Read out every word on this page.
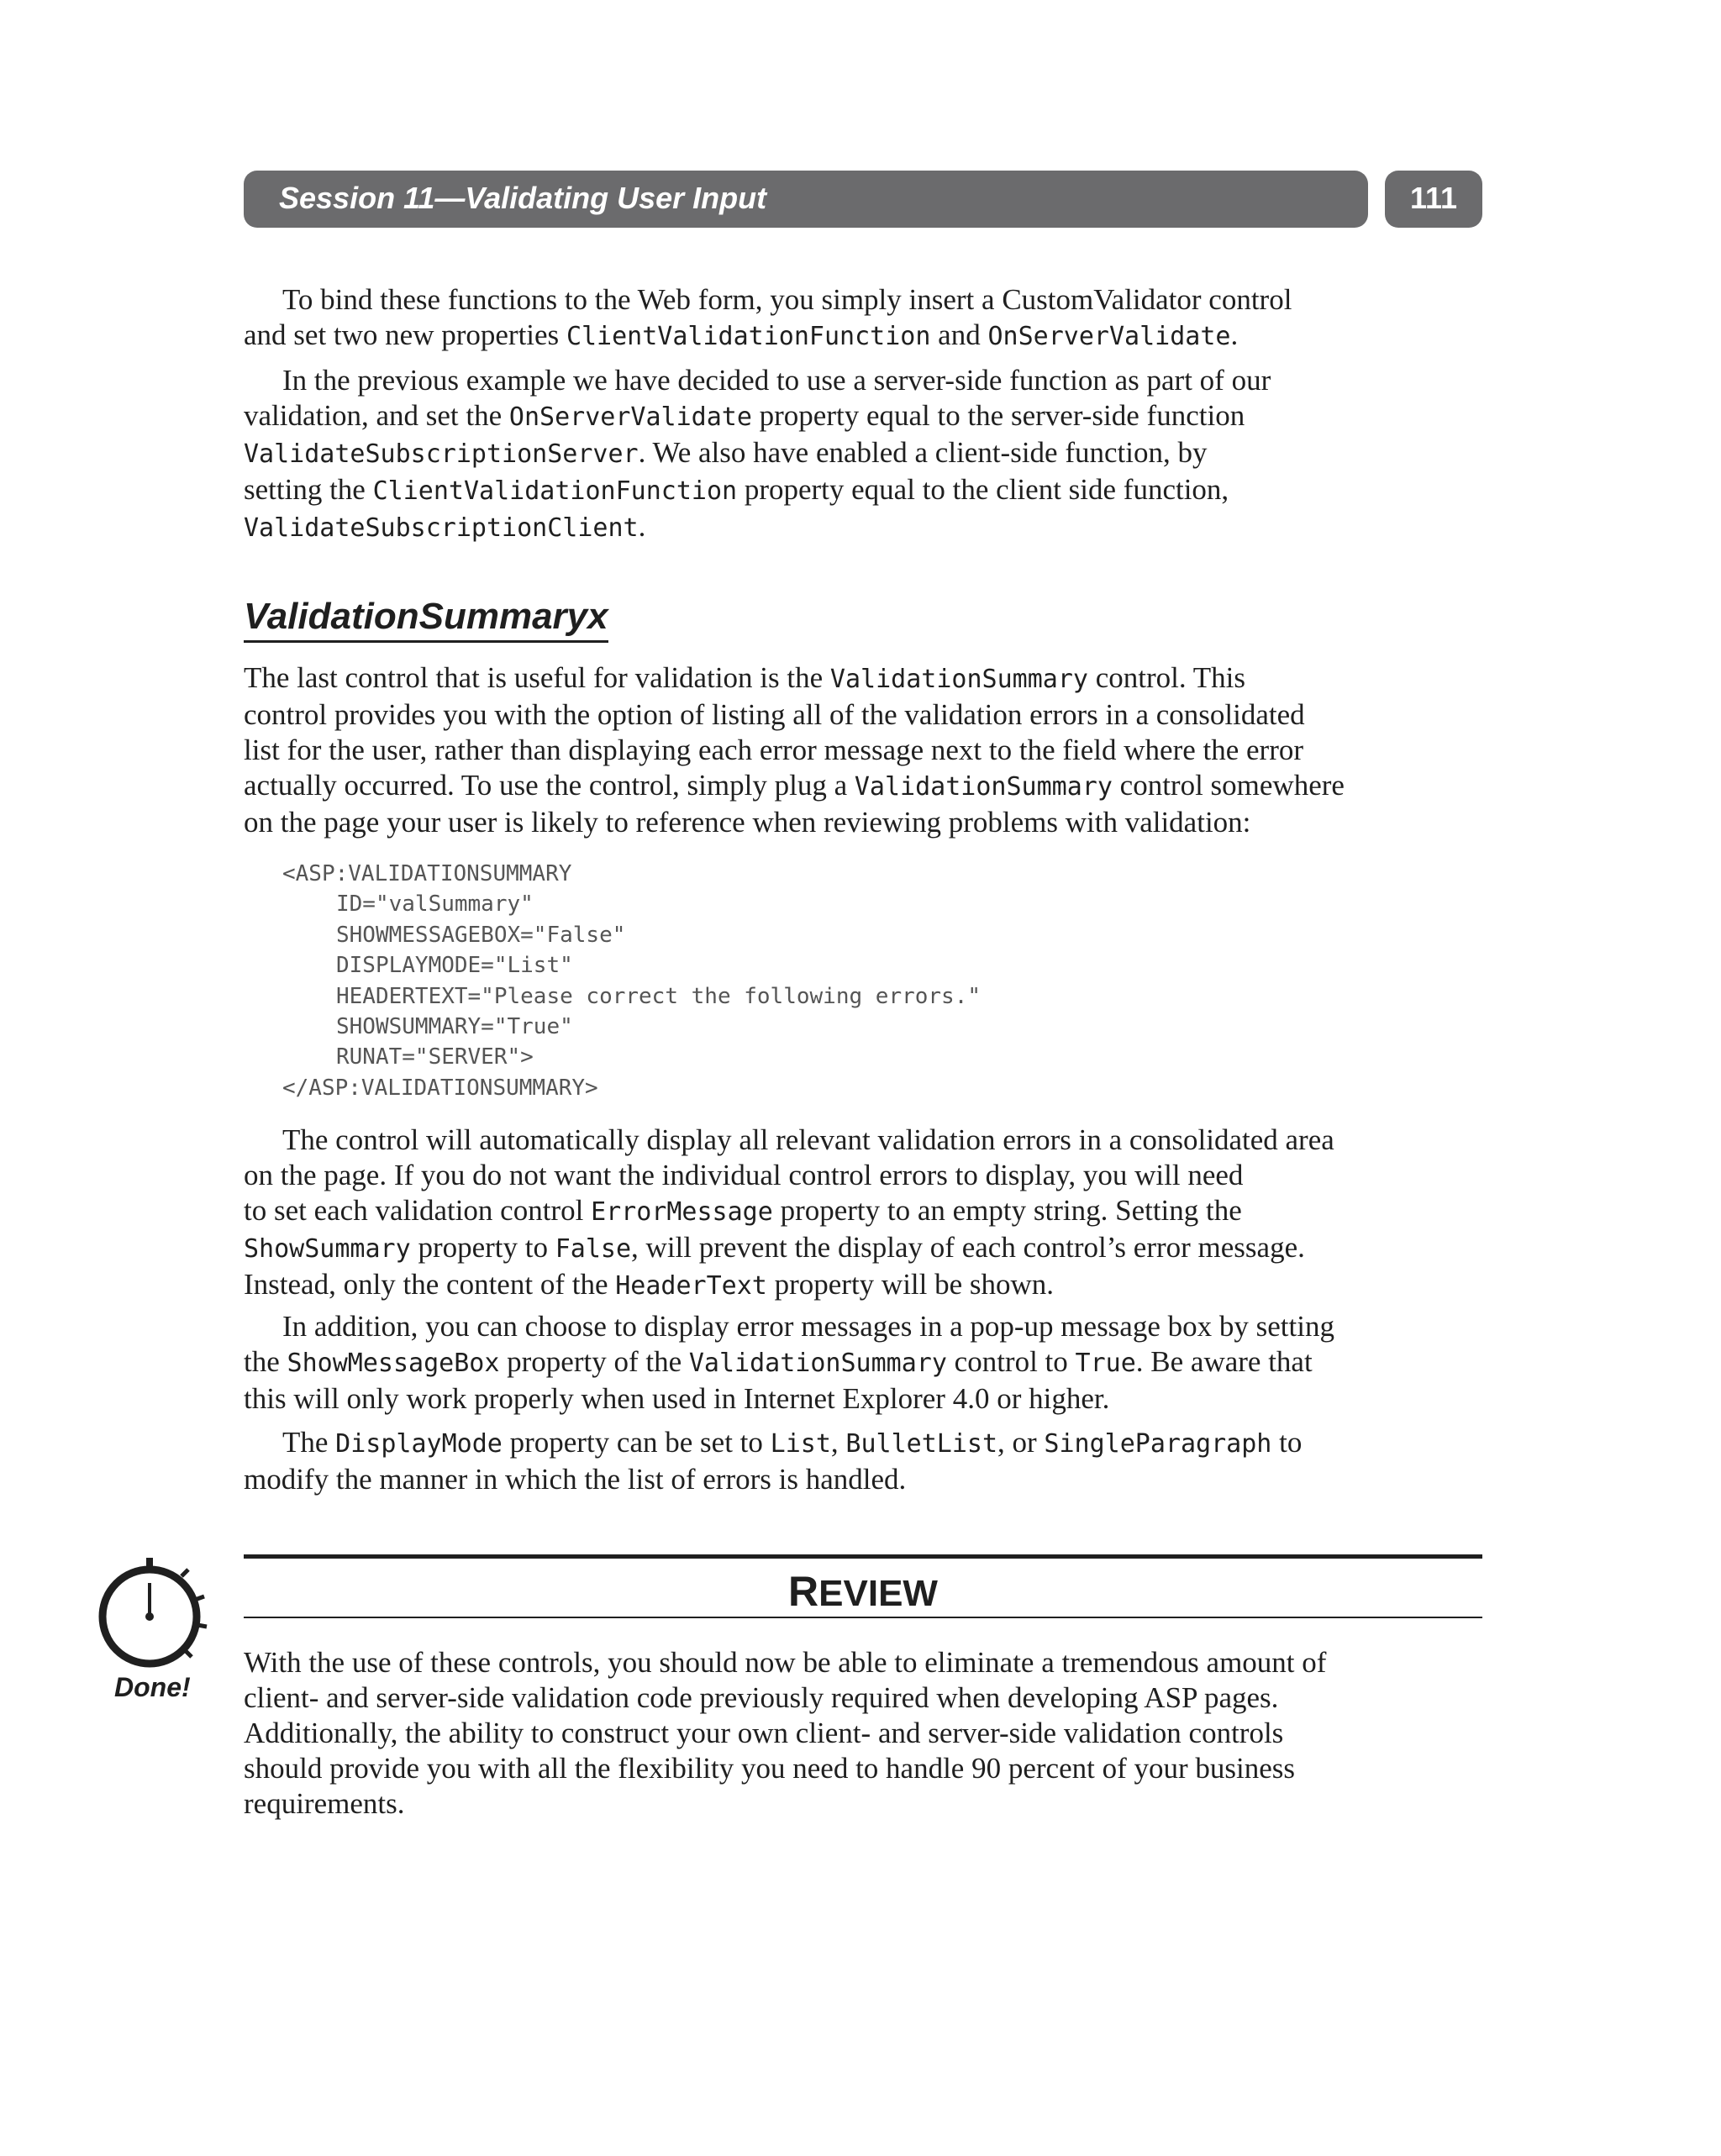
Session 11—Validating User Input	111

To bind these functions to the Web form, you simply insert a CustomValidator control
and set two new properties ClientValidationFunction and OnServerValidate.

In the previous example we have decided to use a server-side function as part of our
validation, and set the OnServerValidate property equal to the server-side function
ValidateSubscriptionServer. We also have enabled a client-side function, by
setting the ClientValidationFunction property equal to the client side function,
ValidateSubscriptionClient.

ValidationSummaryx

The last control that is useful for validation is the ValidationSummary control. This
control provides you with the option of listing all of the validation errors in a consolidated
list for the user, rather than displaying each error message next to the field where the error
actually occurred. To use the control, simply plug a ValidationSummary control somewhere
on the page your user is likely to reference when reviewing problems with validation:

<ASP:VALIDATIONSUMMARY
ID="valSummary"
SHOWMESSAGEBOX="False"
DISPLAYMODE="List"
HEADERTEXT="Please correct the following errors."
SHOWSUMMARY="True"
RUNAT="SERVER">
</ASP:VALIDATIONSUMMARY>

The control will automatically display all relevant validation errors in a consolidated area
on the page. If you do not want the individual control errors to display, you will need
to set each validation control ErrorMessage property to an empty string. Setting the
ShowSummary property to False, will prevent the display of each control’s error message.
Instead, only the content of the HeaderText property will be shown.

In addition, you can choose to display error messages in a pop-up message box by setting
the ShowMessageBox property of the ValidationSummary control to True. Be aware that
this will only work properly when used in Internet Explorer 4.0 or higher.

The DisplayMode property can be set to List, BulletList, or SingleParagraph to
modify the manner in which the list of errors is handled.

Done!
REVIEW

With the use of these controls, you should now be able to eliminate a tremendous amount of
client- and server-side validation code previously required when developing ASP pages.
Additionally, the ability to construct your own client- and server-side validation controls
should provide you with all the flexibility you need to handle 90 percent of your business
requirements.
